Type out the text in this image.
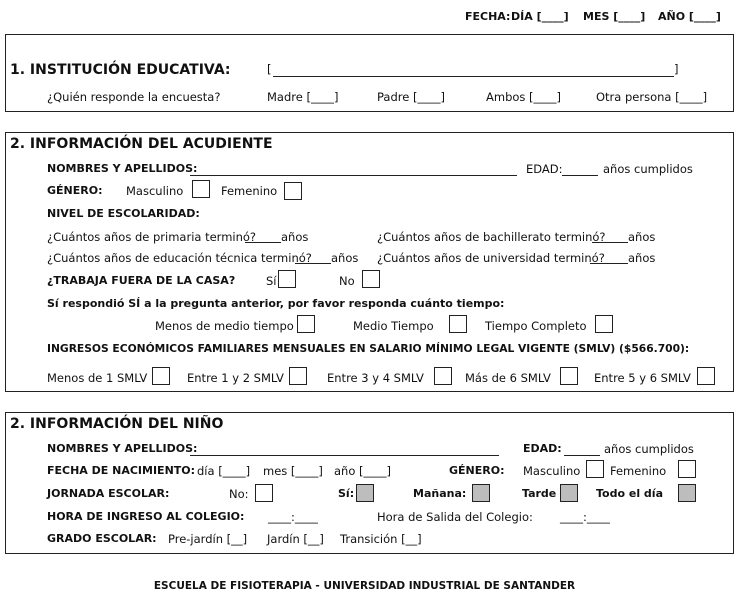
FECHA: DÍA [____] MES [____] AÑO [____]
1. INSTITUCIÓN EDUCATIVA:	[	]
¿Quién responde la encuesta?	Madre [____]	Padre [____]	Ambos [____]	Otra persona [____]
2. INFORMACIÓN DEL ACUDIENTE
NOMBRES Y APELLIDOS:	EDAD:	años cumplidos
GÉNERO: Masculino	Femenino
NIVEL DE ESCOLARIDAD:
¿Cuántos años de primaria terminó? años	¿Cuántos años de bachillerato terminó? años
¿Cuántos años de educación técnica terminó? años ¿Cuántos años de universidad terminó? años
¿TRABAJA FUERA DE LA CASA?	Sí	No
Sí respondió SÍ a la pregunta anterior, por favor responda cuánto tiempo:
Menos de medio tiempo	Medio Tiempo	Tiempo Completo
INGRESOS ECONÓMICOS FAMILIARES MENSUALES EN SALARIO MÍNIMO LEGAL VIGENTE (SMLV) ($566.700):
Menos de 1 SMLV	Entre 1 y 2 SMLV	Entre 3 y 4 SMLV	Más de 6 SMLV	Entre 5 y 6 SMLV
2. INFORMACIÓN DEL NIÑO
NOMBRES Y APELLIDOS:	EDAD:	años cumplidos
FECHA DE NACIMIENTO: día [____] mes [____] año [____]	GÉNERO: Masculino	Femenino
JORNADA ESCOLAR:	No:	Sí:	Mañana:	Tarde	Todo el día
HORA DE INGRESO AL COLEGIO: ____:____	Hora de Salida del Colegio: ____:____
GRADO ESCOLAR: Pre-jardín [__] Jardín [__] Transición [__]
ESCUELA DE FISIOTERAPIA - UNIVERSIDAD INDUSTRIAL DE SANTANDER
